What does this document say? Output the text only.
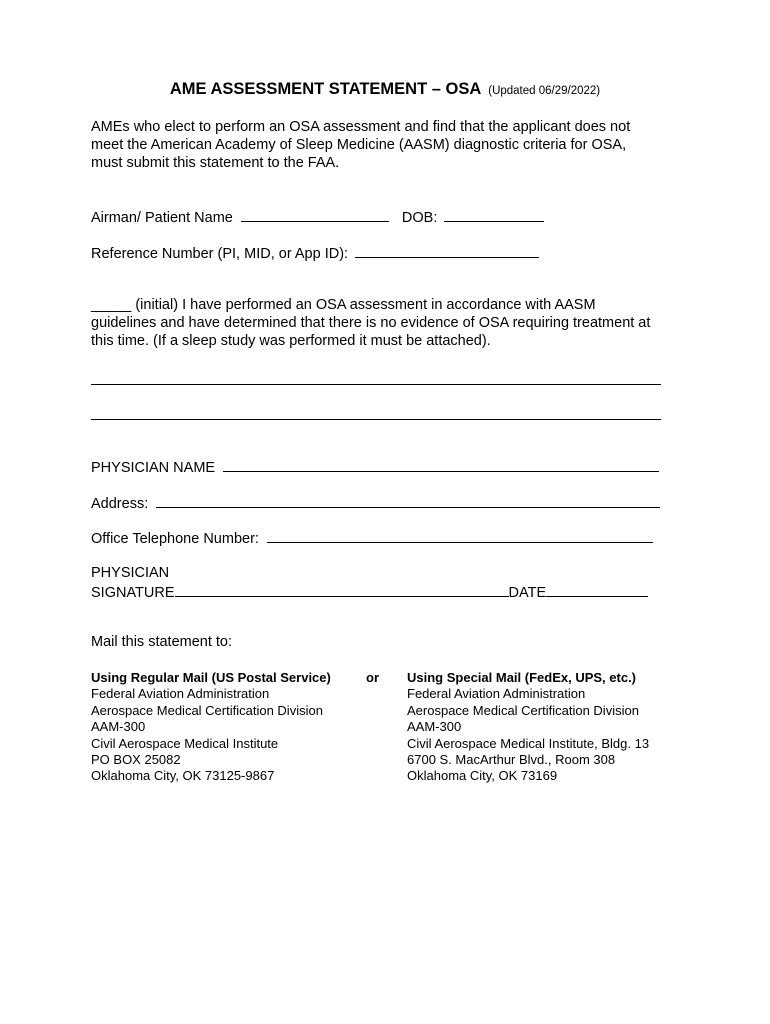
AME ASSESSMENT STATEMENT – OSA (Updated 06/29/2022)
AMEs who elect to perform an OSA assessment and find that the applicant does not
meet the American Academy of Sleep Medicine (AASM) diagnostic criteria for OSA,
must submit this statement to the FAA.
Airman/ Patient Name	DOB:
Reference Number (PI, MID, or App ID):
_____ (initial) I have performed an OSA assessment in accordance with AASM
guidelines and have determined that there is no evidence of OSA requiring treatment at
this time. (If a sleep study was performed it must be attached).
PHYSICIAN NAME
Address:
Office Telephone Number:
PHYSICIAN
SIGNATURE	DATE
Mail this statement to:
Using Regular Mail (US Postal Service)
Federal Aviation Administration
Aerospace Medical Certification Division
AAM-300
Civil Aerospace Medical Institute
PO BOX 25082
Oklahoma City, OK 73125-9867
or Using Special Mail (FedEx, UPS, etc.)
Federal Aviation Administration
Aerospace Medical Certification Division
AAM-300
Civil Aerospace Medical Institute, Bldg. 13
6700 S. MacArthur Blvd., Room 308
Oklahoma City, OK 73169
